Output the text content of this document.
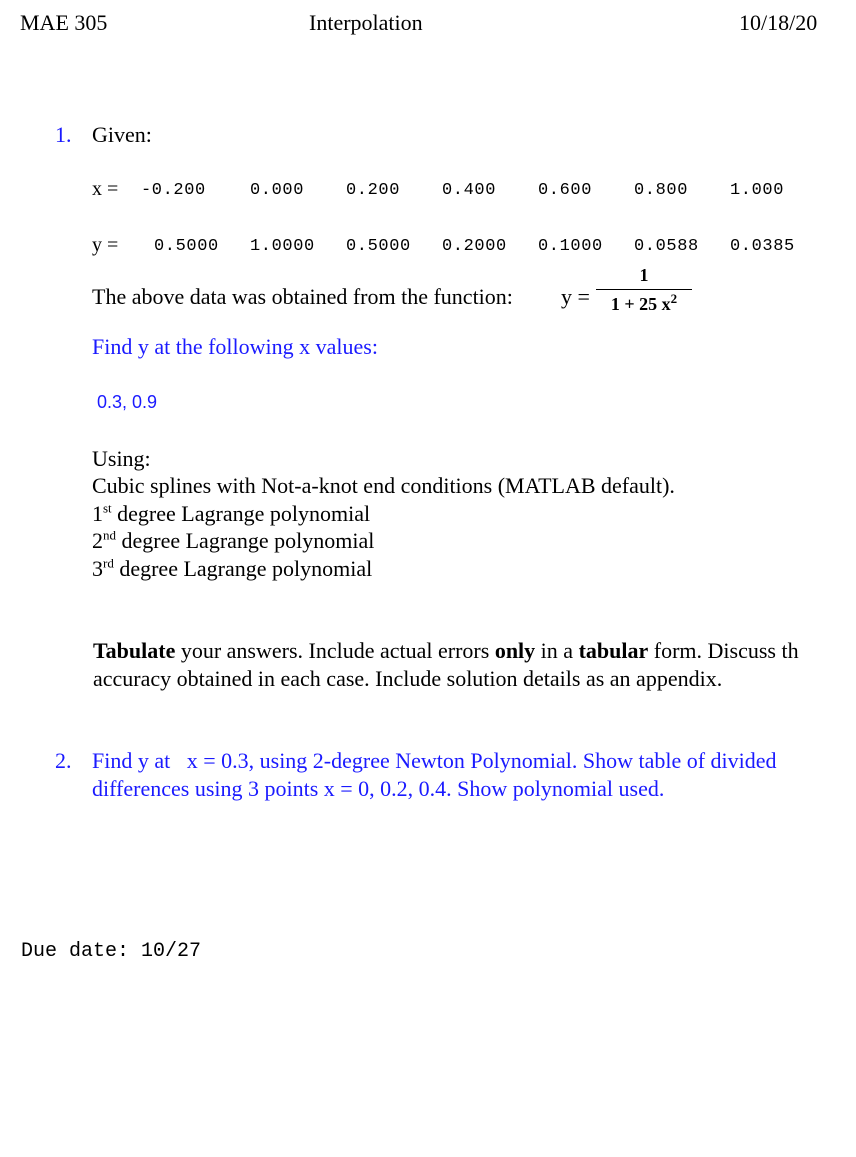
MAE 305	Interpolation	10/18/20
1. Given:
x = -0.200	0.000 0.200 0.400 0.600 0.800 1.000
y = 0.5000 1.0000 0.5000 0.2000 0.1000 0.0588 0.0385
The above data was obtained from the function: y =
1
1 + 25 $x^2$
Find y at the following x values:
0.3, 0.9
Using:
Cubic splines with Not-a-knot end conditions (MATLAB default).
1st degree Lagrange polynomial
2nd degree Lagrange polynomial
3rd degree Lagrange polynomial
Tabulate your answers. Include actual errors only in a tabular form. Discuss th
accuracy obtained in each case. Include solution details as an appendix.
2. Find y at   x = 0.3, using 2-degree Newton Polynomial. Show table of divided
differences using 3 points x = 0, 0.2, 0.4. Show polynomial used.
Due date: 10/27
